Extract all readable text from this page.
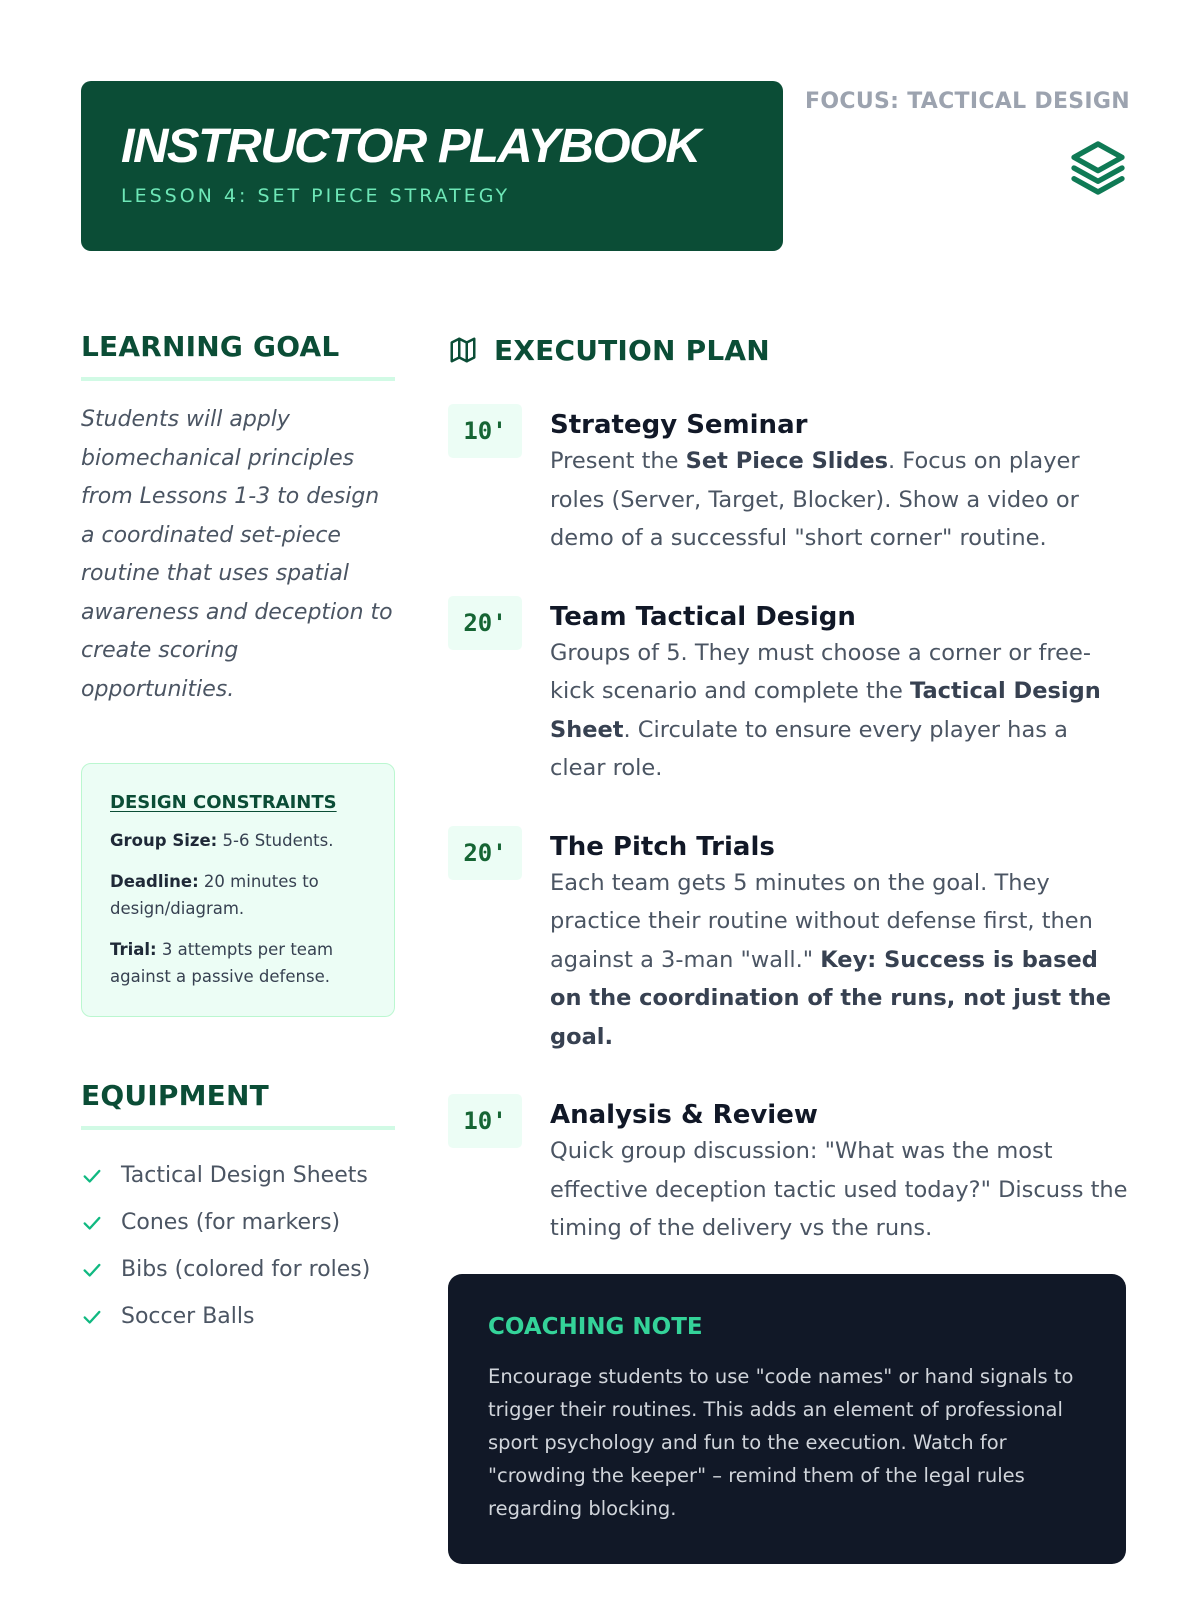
INSTRUCTOR PLAYBOOK
LESSON 4: SET PIECE STRATEGY
FOCUS: TACTICAL DESIGN
LEARNING GOAL

Students will apply biomechanical principles from Lessons 1-3 to design a coordinated set-piece routine that uses spatial awareness and deception to create scoring opportunities.

DESIGN CONSTRAINTS
Group Size: 5-6 Students.
Deadline: 20 minutes to design/diagram.
Trial: 3 attempts per team against a passive defense.
EQUIPMENT
Tactical Design Sheets
Cones (for markers)
Bibs (colored for roles)
Soccer Balls
EXECUTION PLAN
10'	Strategy Seminar

Present the Set Piece Slides. Focus on player roles (Server, Target, Blocker). Show a video or demo of a successful "short corner" routine.

20'	Team Tactical Design

Groups of 5. They must choose a corner or free-kick scenario and complete the Tactical Design Sheet. Circulate to ensure every player has a clear role.

20'	The Pitch Trials

Each team gets 5 minutes on the goal. They practice their routine without defense first, then against a 3-man "wall." Key: Success is based on the coordination of the runs, not just the goal.

10'	Analysis & Review

Quick group discussion: "What was the most effective deception tactic used today?" Discuss the timing of the delivery vs the runs.

COACHING NOTE

Encourage students to use "code names" or hand signals to trigger their routines. This adds an element of professional sport psychology and fun to the execution. Watch for "crowding the keeper" – remind them of the legal rules regarding blocking.
